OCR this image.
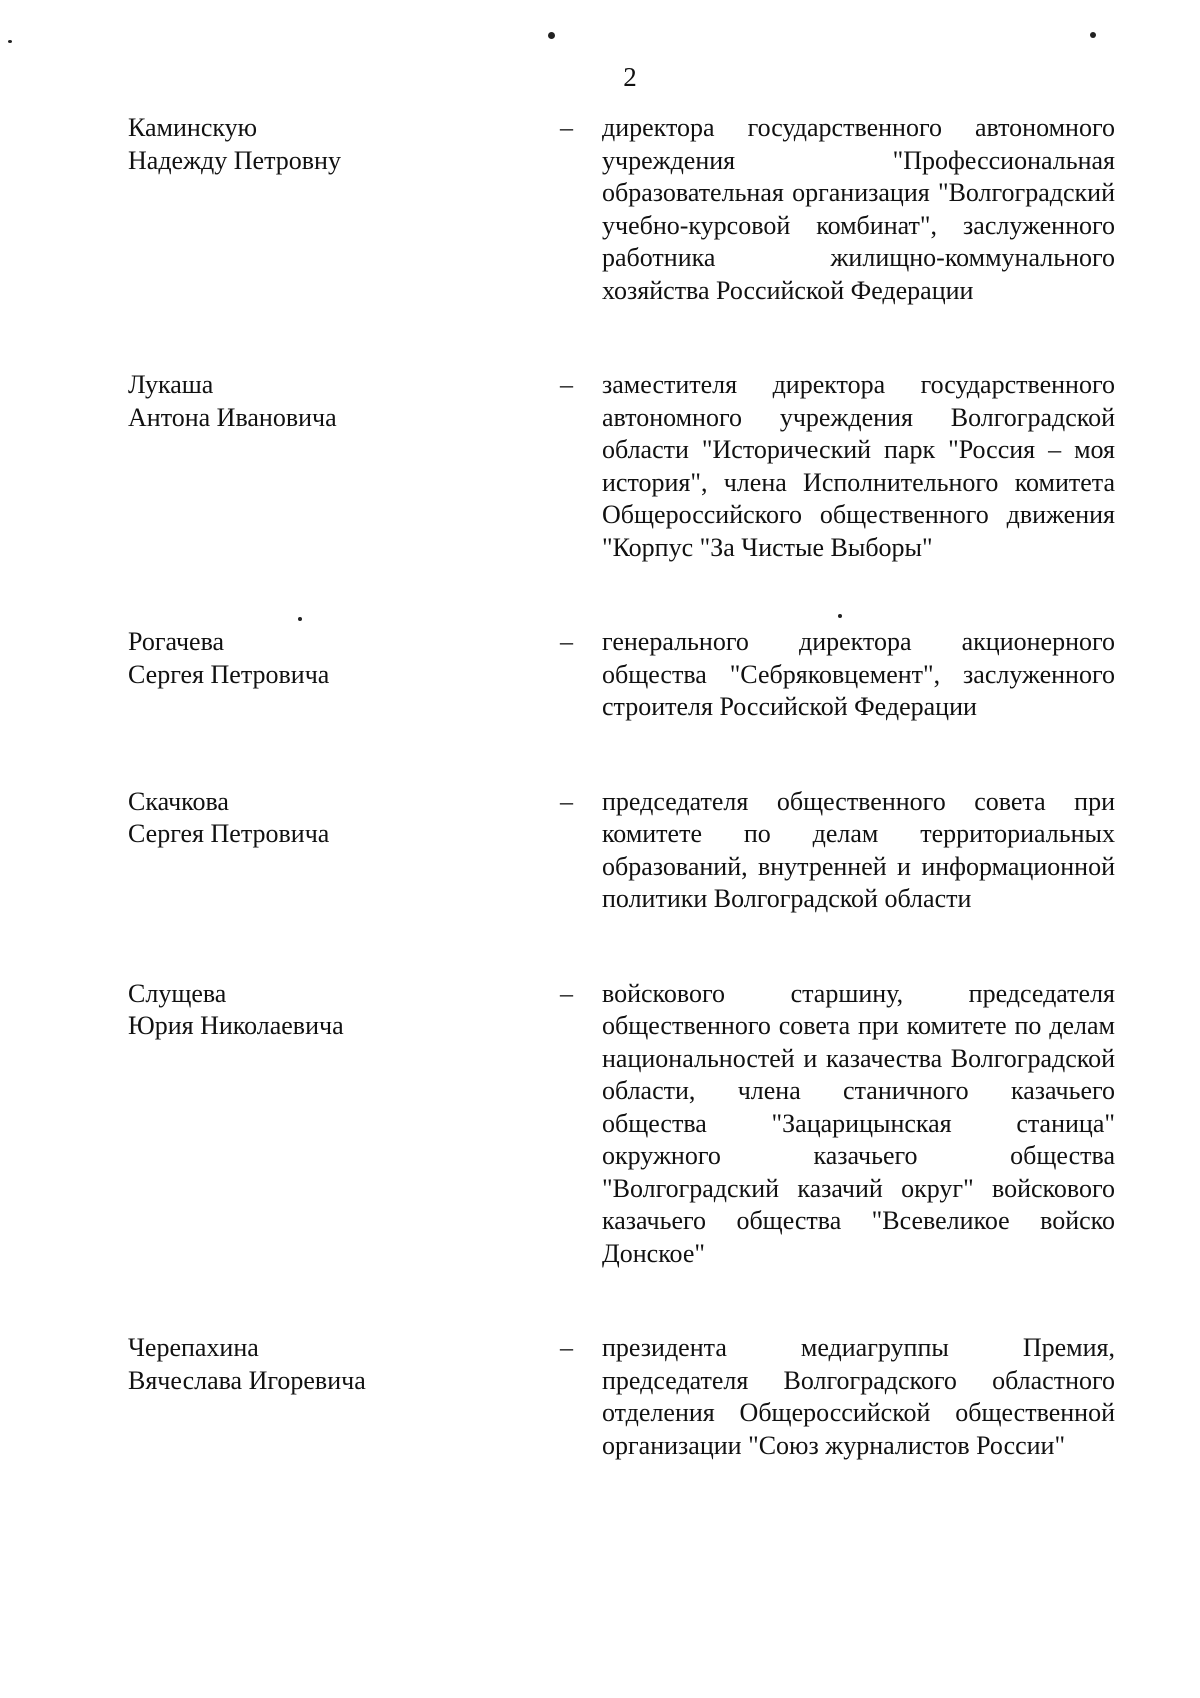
2
Каминскую
Надежду Петровну
– директора государственного автономного учреждения "Профессиональная образовательная организация "Волгоградский учебно-курсовой комбинат", заслуженного работника жилищно-коммунального хозяйства Российской Федерации
Лукаша
Антона Ивановича
– заместителя директора государственного автономного учреждения Волгоградской области "Исторический парк "Россия – моя история", члена Исполнительного комитета Общероссийского общественного движения "Корпус "За Чистые Выборы"
Рогачева
Сергея Петровича
– генерального директора акционерного общества "Себряковцемент", заслуженного строителя Российской Федерации
Скачкова
Сергея Петровича
– председателя общественного совета при комитете по делам территориальных образований, внутренней и информационной политики Волгоградской области
Слущева
Юрия Николаевича
– войскового старшину, председателя общественного совета при комитете по делам национальностей и казачества Волгоградской области, члена станичного казачьего общества "Зацарицынская станица" окружного казачьего общества "Волгоградский казачий округ" войскового казачьего общества "Всевеликое войско Донское"
Черепахина
Вячеслава Игоревича
– президента медиагруппы Премия, председателя Волгоградского областного отделения Общероссийской общественной организации "Союз журналистов России"
